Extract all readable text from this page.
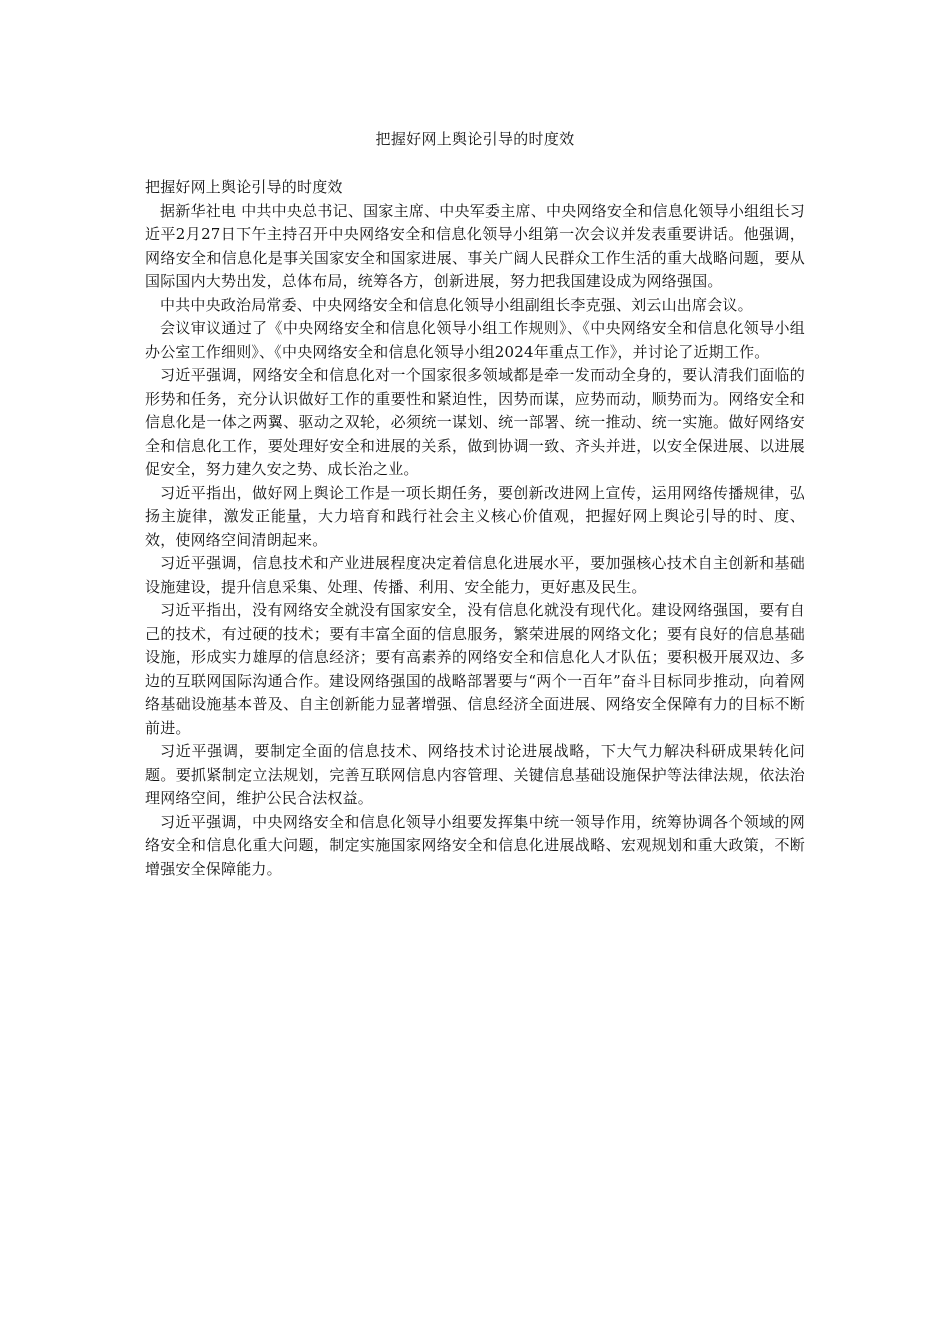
把握好网上舆论引导的时度效

把握好网上舆论引导的时度效

据新华社电 中共中央总书记、国家主席、中央军委主席、中央网络安全和信息化领导小组组长习近平2月27日下午主持召开中央网络安全和信息化领导小组第一次会议并发表重要讲话。他强调，网络安全和信息化是事关国家安全和国家进展、事关广阔人民群众工作生活的重大战略问题，要从国际国内大势出发，总体布局，统筹各方，创新进展，努力把我国建设成为网络强国。

中共中央政治局常委、中央网络安全和信息化领导小组副组长李克强、刘云山出席会议。

会议审议通过了《中央网络安全和信息化领导小组工作规则》、《中央网络安全和信息化领导小组办公室工作细则》、《中央网络安全和信息化领导小组2024年重点工作》，并讨论了近期工作。

习近平强调，网络安全和信息化对一个国家很多领域都是牵一发而动全身的，要认清我们面临的形势和任务，充分认识做好工作的重要性和紧迫性，因势而谋，应势而动，顺势而为。网络安全和信息化是一体之两翼、驱动之双轮，必须统一谋划、统一部署、统一推动、统一实施。做好网络安全和信息化工作，要处理好安全和进展的关系，做到协调一致、齐头并进，以安全保进展、以进展促安全，努力建久安之势、成长治之业。

习近平指出，做好网上舆论工作是一项长期任务，要创新改进网上宣传，运用网络传播规律，弘扬主旋律，激发正能量，大力培育和践行社会主义核心价值观，把握好网上舆论引导的时、度、效，使网络空间清朗起来。

习近平强调，信息技术和产业进展程度决定着信息化进展水平，要加强核心技术自主创新和基础设施建设，提升信息采集、处理、传播、利用、安全能力，更好惠及民生。

习近平指出，没有网络安全就没有国家安全，没有信息化就没有现代化。建设网络强国，要有自己的技术，有过硬的技术；要有丰富全面的信息服务，繁荣进展的网络文化；要有良好的信息基础设施，形成实力雄厚的信息经济；要有高素养的网络安全和信息化人才队伍；要积极开展双边、多边的互联网国际沟通合作。建设网络强国的战略部署要与“两个一百年”奋斗目标同步推动，向着网络基础设施基本普及、自主创新能力显著增强、信息经济全面进展、网络安全保障有力的目标不断前进。

习近平强调，要制定全面的信息技术、网络技术讨论进展战略，下大气力解决科研成果转化问题。要抓紧制定立法规划，完善互联网信息内容管理、关键信息基础设施保护等法律法规，依法治理网络空间，维护公民合法权益。

习近平强调，中央网络安全和信息化领导小组要发挥集中统一领导作用，统筹协调各个领域的网络安全和信息化重大问题，制定实施国家网络安全和信息化进展战略、宏观规划和重大政策，不断增强安全保障能力。
